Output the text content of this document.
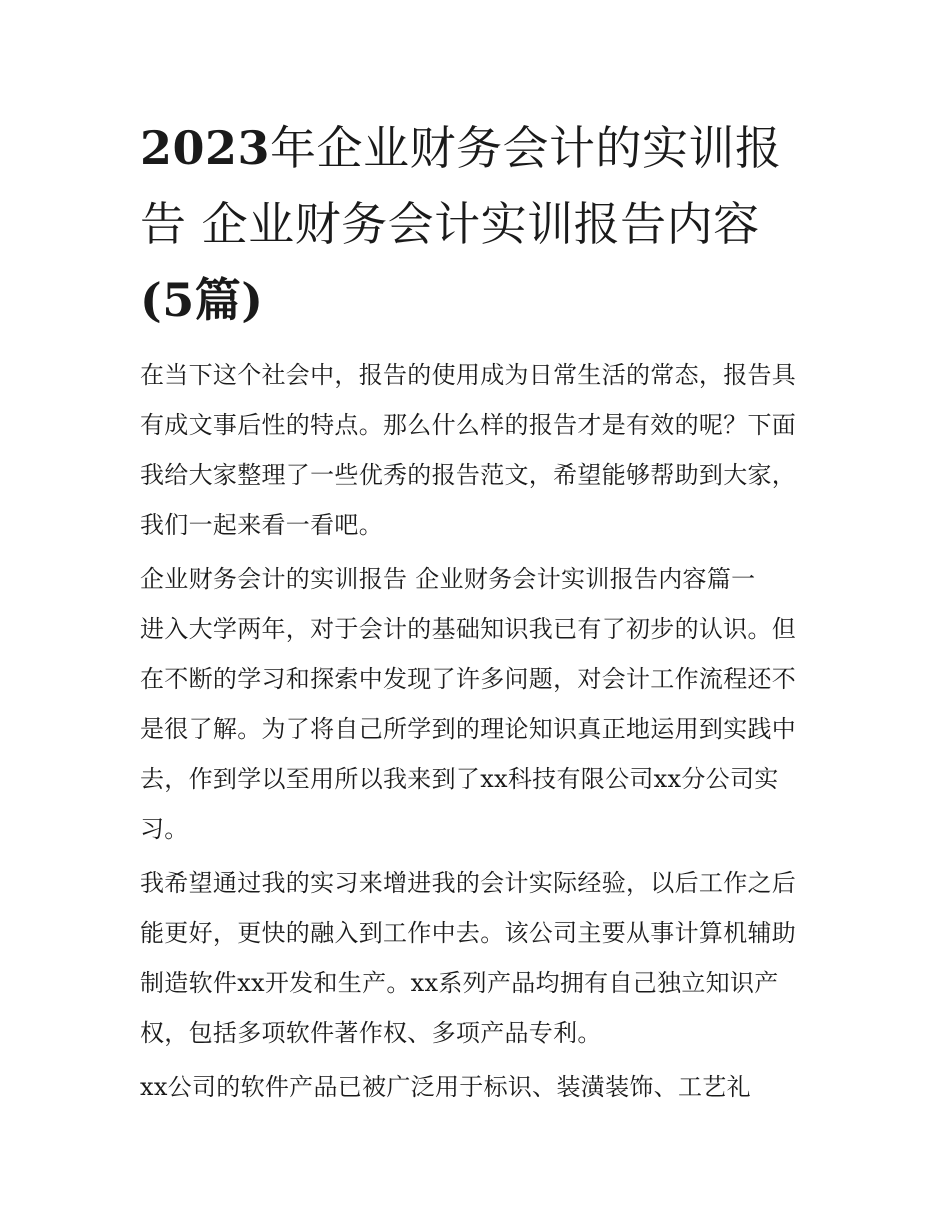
2023年企业财务会计的实训报告 企业财务会计实训报告内容
(5篇)

在当下这个社会中，报告的使用成为日常生活的常态，报告具有成文事后性的特点。那么什么样的报告才是有效的呢？下面我给大家整理了一些优秀的报告范文，希望能够帮助到大家，我们一起来看一看吧。

企业财务会计的实训报告 企业财务会计实训报告内容篇一

进入大学两年，对于会计的基础知识我已有了初步的认识。但在不断的学习和探索中发现了许多问题，对会计工作流程还不是很了解。为了将自己所学到的理论知识真正地运用到实践中去，作到学以至用所以我来到了xx科技有限公司xx分公司实习。

我希望通过我的实习来增进我的会计实际经验，以后工作之后能更好，更快的融入到工作中去。该公司主要从事计算机辅助制造软件xx开发和生产。xx系列产品均拥有自己独立知识产权，包括多项软件著作权、多项产品专利。

xx公司的软件产品已被广泛用于标识、装潢装饰、工艺礼
